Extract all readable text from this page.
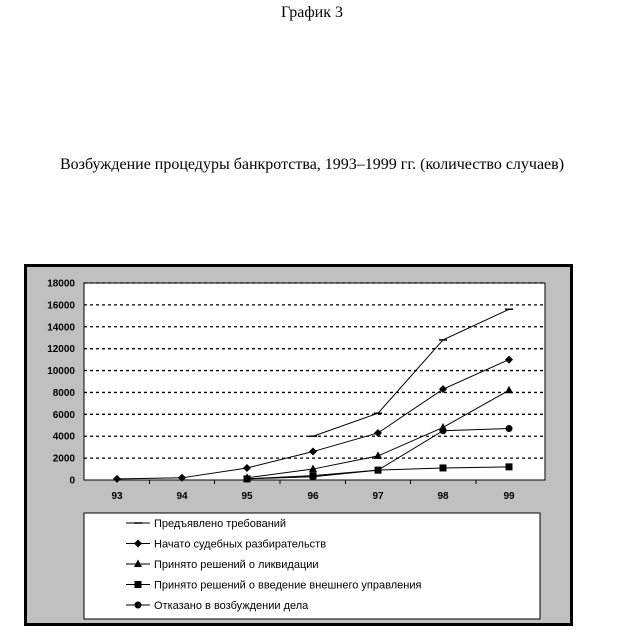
График 3
Возбуждение процедуры банкротства, 1993–1999 гг. (количество случаев)
0
2000
4000
6000
8000
10000
12000
14000
16000
18000
93	94	95	96	97	98	99
Предъявлено требований
Начато судебных разбирательств
Принято решений о ликвидации
Принято решений о введение внешнего управления
Отказано в возбуждении дела
